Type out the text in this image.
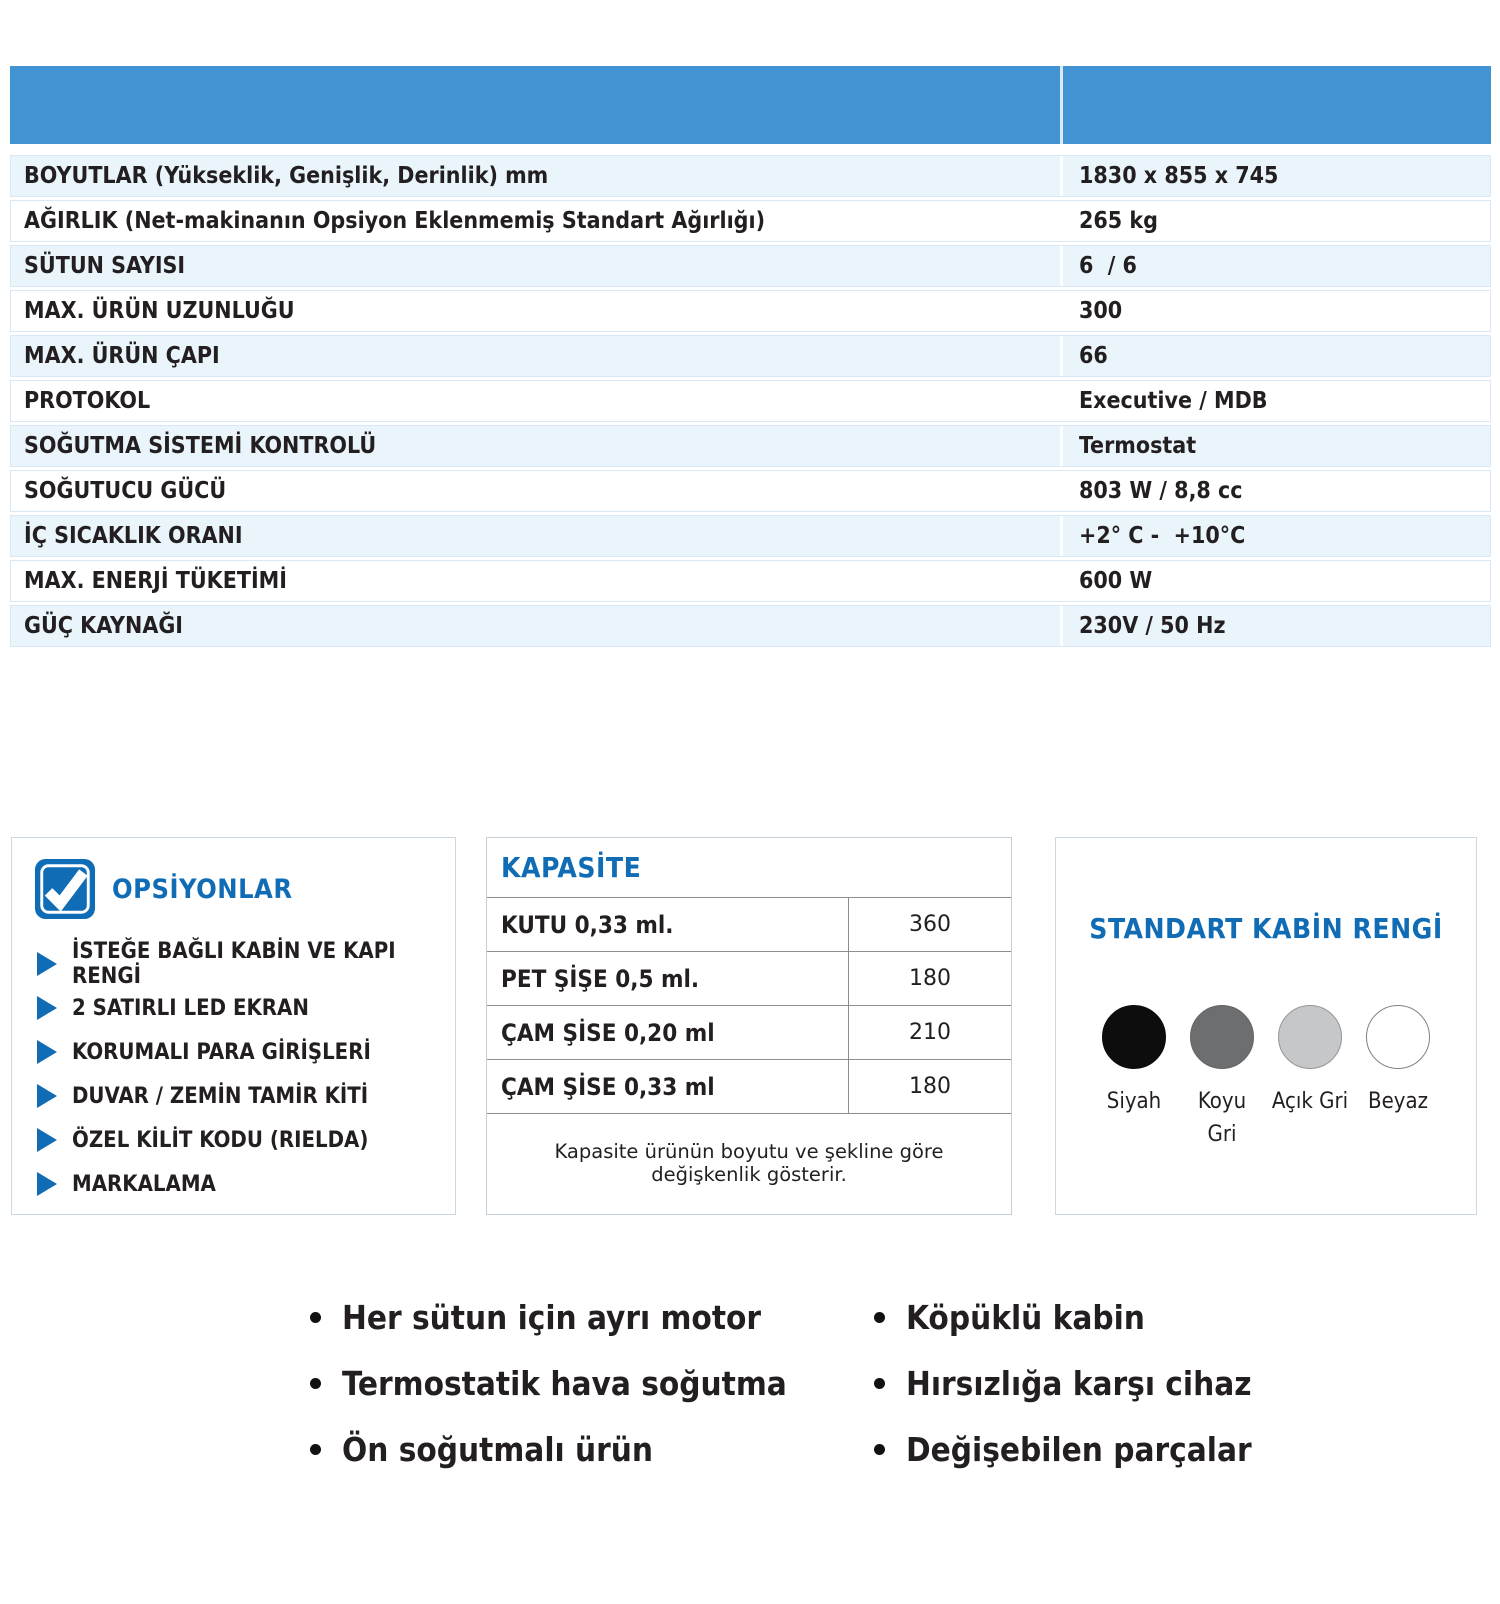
BOYUTLAR (Yükseklik, Genişlik, Derinlik) mm	1830 x 855 x 745
AĞIRLIK (Net-makinanın Opsiyon Eklenmemiş Standart Ağırlığı)	265 kg
SÜTUN SAYISI	6  / 6
MAX. ÜRÜN UZUNLUĞU	300
MAX. ÜRÜN ÇAPI	66
PROTOKOL	Executive / MDB
SOĞUTMA SİSTEMİ KONTROLÜ	Termostat
SOĞUTUCU GÜCÜ	803 W / 8,8 cc
İÇ SICAKLIK ORANI	+2° C -  +10°C
MAX. ENERJİ TÜKETİMİ	600 W
GÜÇ KAYNAĞI	230V / 50 Hz
OPSİYONLAR
İSTEĞE BAĞLI KABİN VE KAPI RENGİ
2 SATIRLI LED EKRAN
KORUMALI PARA GİRİŞLERİ
DUVAR / ZEMİN TAMİR KİTİ
ÖZEL KİLİT KODU (RIELDA)
MARKALAMA
KAPASİTE
KUTU 0,33 ml.	360
PET ŞİŞE 0,5 ml.	180
ÇAM ŞİSE 0,20 ml	210
ÇAM ŞİSE 0,33 ml	180
Kapasite ürünün boyutu ve şekline göre değişkenlik gösterir.
STANDART KABİN RENGİ
Siyah	Koyu Gri
Açık Gri Beyaz
Her sütun için ayrı motor
Termostatik hava soğutma
Ön soğutmalı ürün
Köpüklü kabin
Hırsızlığa karşı cihaz
Değişebilen parçalar
